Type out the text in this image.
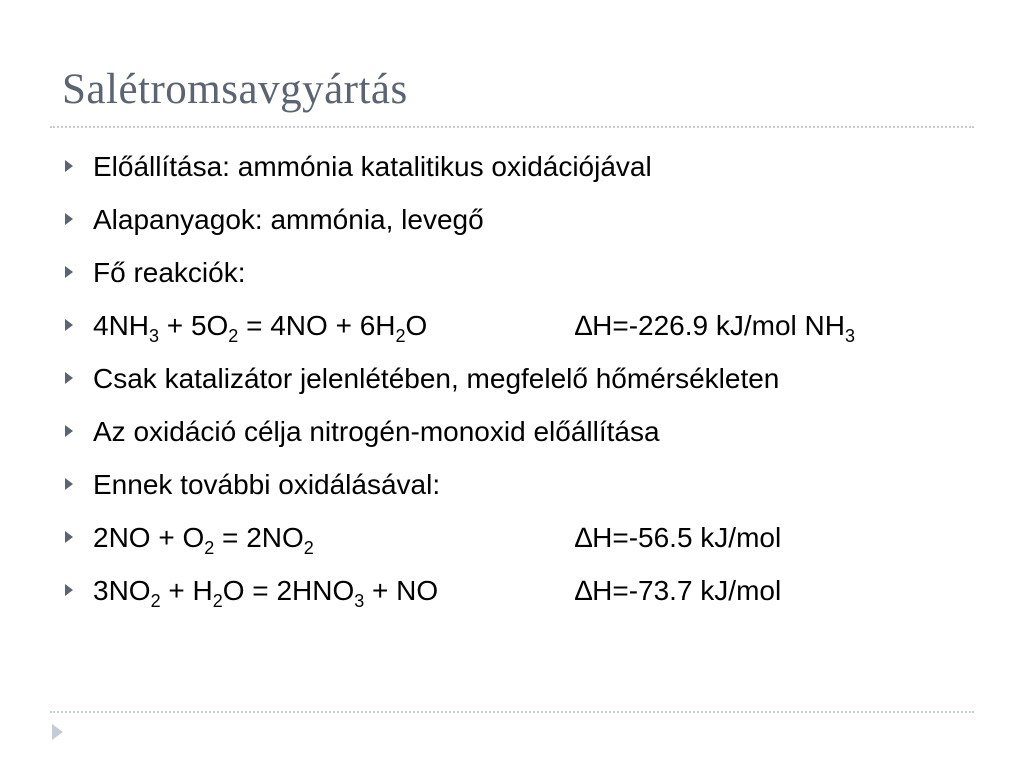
Salétromsavgyártás
Előállítása: ammónia katalitikus oxidációjával
Alapanyagok: ammónia, levegő
Fő reakciók:
$4NH_3 + 5O_2 = 4NO + 6H_2O$	∆H=-226.9 kJ/mol $NH_3$
Csak katalizátor jelenlétében, megfelelő hőmérsékleten
Az oxidáció célja nitrogén-monoxid előállítása
Ennek további oxidálásával:
$2NO + O_2 = 2NO_2$	∆H=-56.5 kJ/mol
$3NO_2 + H_2O = 2HNO_3$ + NO	∆H=-73.7 kJ/mol
